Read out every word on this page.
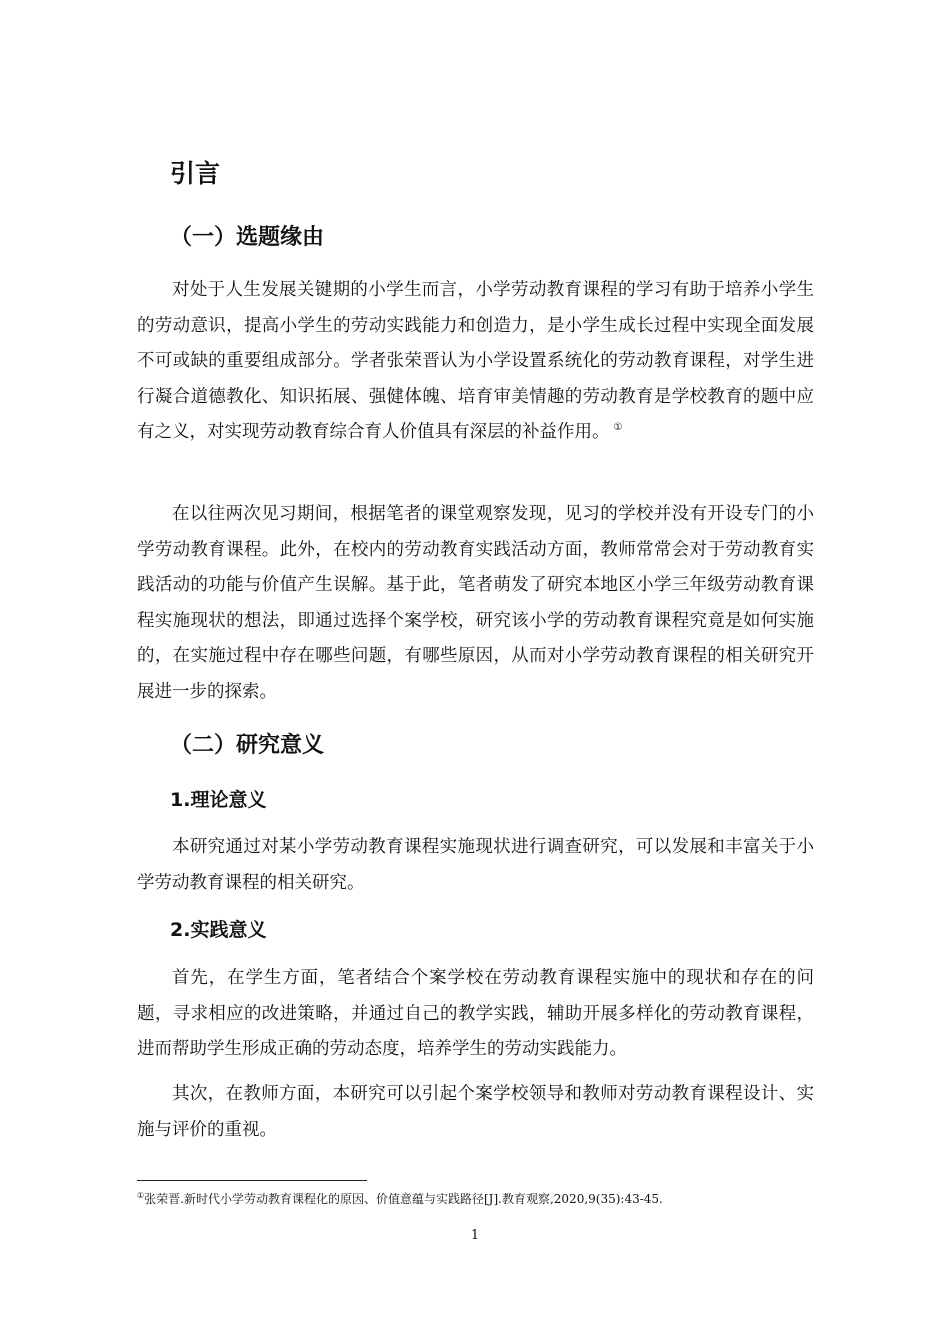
引言
（一）选题缘由

对处于人生发展关键期的小学生而言，小学劳动教育课程的学习有助于培养小学生的劳动意识，提高小学生的劳动实践能力和创造力，是小学生成长过程中实现全面发展不可或缺的重要组成部分。学者张荣晋认为小学设置系统化的劳动教育课程，对学生进行凝合道德教化、知识拓展、强健体魄、培育审美情趣的劳动教育是学校教育的题中应有之义，对实现劳动教育综合育人价值具有深层的补益作用。 ①

在以往两次见习期间，根据笔者的课堂观察发现，见习的学校并没有开设专门的小学劳动教育课程。此外，在校内的劳动教育实践活动方面，教师常常会对于劳动教育实践活动的功能与价值产生误解。基于此，笔者萌发了研究本地区小学三年级劳动教育课程实施现状的想法，即通过选择个案学校，研究该小学的劳动教育课程究竟是如何实施的，在实施过程中存在哪些问题，有哪些原因，从而对小学劳动教育课程的相关研究开展进一步的探索。

（二）研究意义
1.理论意义

本研究通过对某小学劳动教育课程实施现状进行调查研究，可以发展和丰富关于小学劳动教育课程的相关研究。

2.实践意义

首先，在学生方面，笔者结合个案学校在劳动教育课程实施中的现状和存在的问题，寻求相应的改进策略，并通过自己的教学实践，辅助开展多样化的劳动教育课程，进而帮助学生形成正确的劳动态度，培养学生的劳动实践能力。

其次，在教师方面，本研究可以引起个案学校领导和教师对劳动教育课程设计、实施与评价的重视。

①张荣晋.新时代小学劳动教育课程化的原因、价值意蕴与实践路径[J].教育观察,2020,9(35):43-45.

1
